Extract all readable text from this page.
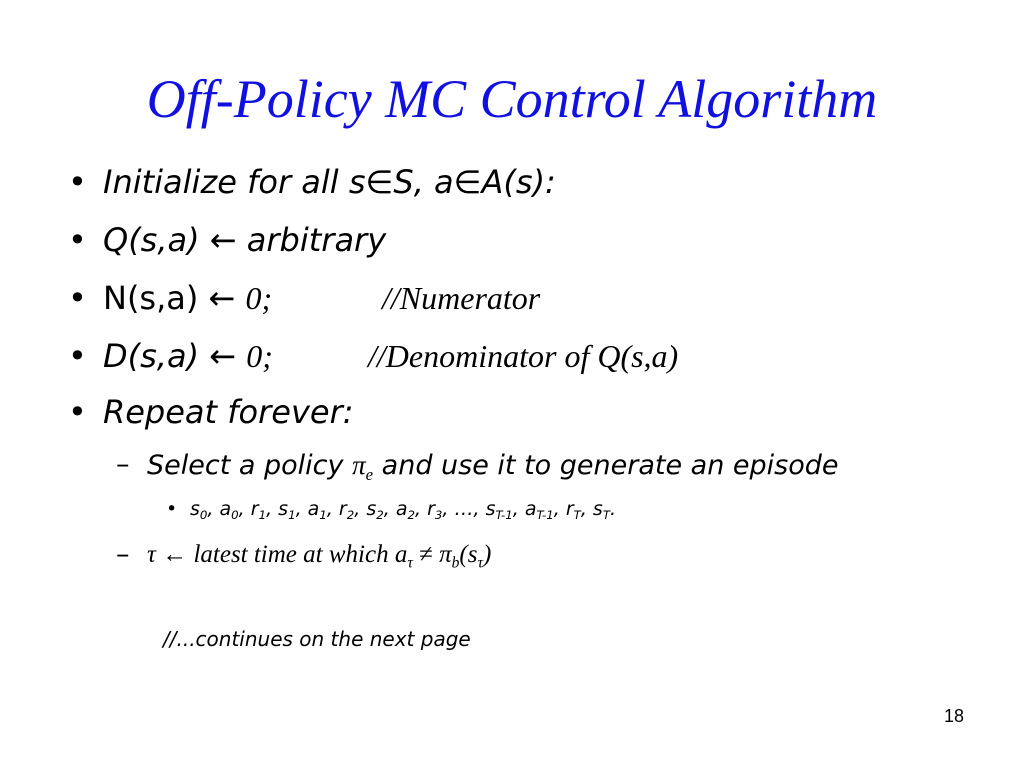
Off-Policy MC Control Algorithm
• Initialize for all s∈S, a∈A(s):
• Q(s,a) ← arbitrary
• N(s,a) ← 0;	//Numerator
• D(s,a) ← 0;	//Denominator of Q(s,a)
• Repeat forever:
– Select a policy $\pi_e$ and use it to generate an episode
• $s_0$, $a_0$, $r_1$, $s_1$, $a_1$, $r_2$, $s_2$, $a_2$, $r_3$, …, $s_{T-1}$, $a_{T-1}$, $r_T$, $s_T$.
– τ ← latest time at which $a_\tau \ne \pi_b(s_\tau)$
//...continues on the next page
18
